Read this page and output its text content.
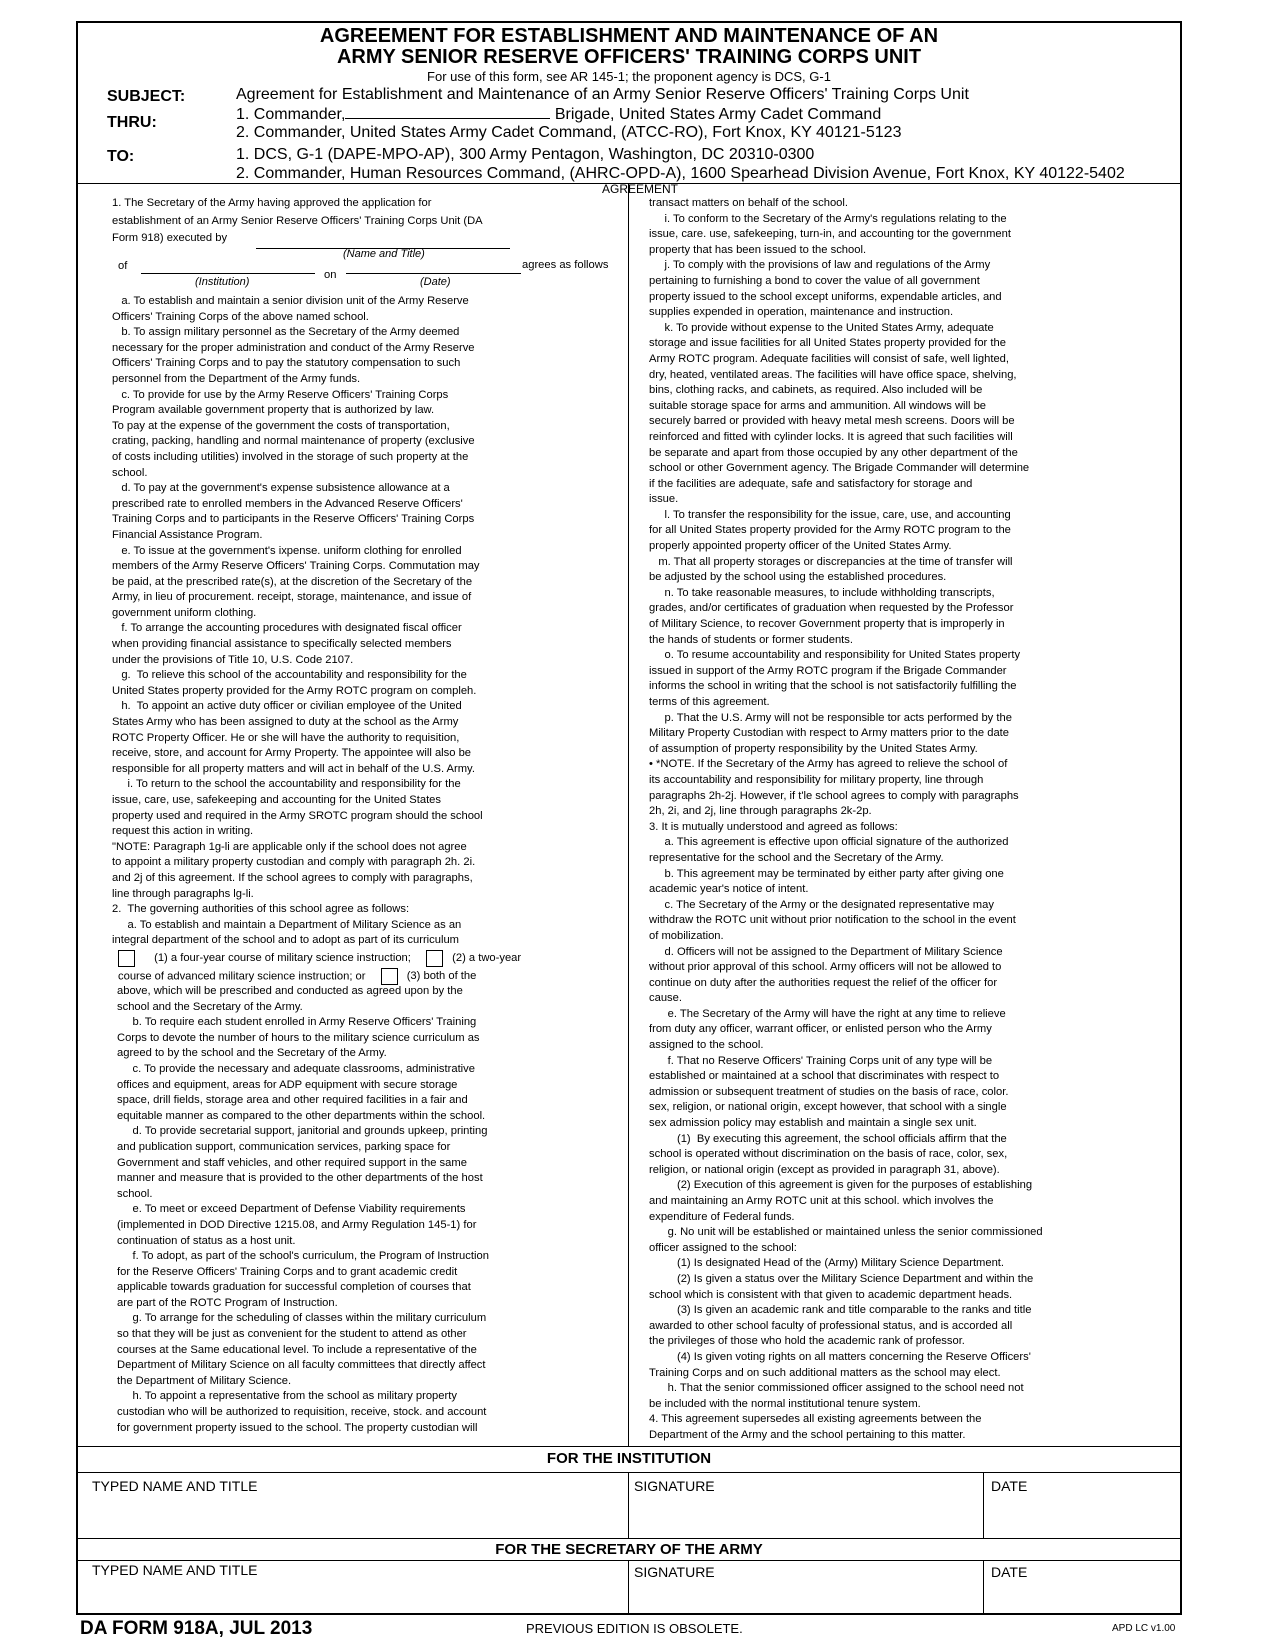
AGREEMENT FOR ESTABLISHMENT AND MAINTENANCE OF AN
ARMY SENIOR RESERVE OFFICERS' TRAINING CORPS UNIT
For use of this form, see AR 145-1; the proponent agency is DCS, G-1
SUBJECT:	Agreement for Establishment and Maintenance of an Army Senior Reserve Officers' Training Corps Unit
THRU:	1. Commander,	Brigade, United States Army Cadet Command
2. Commander, United States Army Cadet Command, (ATCC-RO), Fort Knox, KY 40121-5123
TO:	1. DCS, G-1 (DAPE-MPO-AP), 300 Army Pentagon, Washington, DC 20310-0300
2. Commander, Human Resources Command, (AHRC-OPD-A), 1600 Spearhead Division Avenue, Fort Knox, KY 40122-5402
AGREEMENT

1. The Secretary of the Army having approved the application for

establishment of an Army Senior Reserve Officers' Training Corps Unit (DA

Form 918) executed by

(Name and Title)
of
on
agrees as follows
(Institution)	(Date)

a. To establish and maintain a senior division unit of the Army Reserve

Officers' Training Corps of the above named school.

b. To assign military personnel as the Secretary of the Army deemed

necessary for the proper administration and conduct of the Army Reserve

Officers' Training Corps and to pay the statutory compensation to such

personnel from the Department of the Army funds.

c. To provide for use by the Army Reserve Officers' Training Corps

Program available government property that is authorized by law.

To pay at the expense of the government the costs of transportation,

crating, packing, handling and normal maintenance of property (exclusive

of costs including utilities) involved in the storage of such property at the

school.

d. To pay at the government's expense subsistence allowance at a

prescribed rate to enrolled members in the Advanced Reserve Officers'

Training Corps and to participants in the Reserve Officers' Training Corps

Financial Assistance Program.

e. To issue at the government's ixpense. uniform clothing for enrolled

members of the Army Reserve Officers' Training Corps. Commutation may

be paid, at the prescribed rate(s), at the discretion of the Secretary of the

Army, in lieu of procurement. receipt, storage, maintenance, and issue of

government uniform clothing.

f. To arrange the accounting procedures with designated fiscal officer

when providing financial assistance to specifically selected members

under the provisions of Title 10, U.S. Code 2107.

g.  To relieve this school of the accountability and responsibility for the

United States property provided for the Army ROTC program on compleh.

h.  To appoint an active duty officer or civilian employee of the United

States Army who has been assigned to duty at the school as the Army

ROTC Property Officer. He or she will have the authority to requisition,

receive, store, and account for Army Property. The appointee will also be

responsible for all property matters and will act in behalf of the U.S. Army.

i. To return to the school the accountability and responsibility for the

issue, care, use, safekeeping and accounting for the United States

property used and required in the Army SROTC program should the school

request this action in writing.

"NOTE: Paragraph 1g-li are applicable only if the school does not agree

to appoint a military property custodian and comply with paragraph 2h. 2i.

and 2j of this agreement. If the school agrees to comply with paragraphs,

line through paragraphs lg-li.

2.  The governing authorities of this school agree as follows:

a. To establish and maintain a Department of Military Science as an

integral department of the school and to adopt as part of its curriculum

(1) a four-year course of military science instruction;	(2) a two-year
course of advanced military science instruction; or	(3) both of the

above, which will be prescribed and conducted as agreed upon by the

school and the Secretary of the Army.

b. To require each student enrolled in Army Reserve Officers' Training

Corps to devote the number of hours to the military science curriculum as

agreed to by the school and the Secretary of the Army.

c. To provide the necessary and adequate classrooms, administrative

offices and equipment, areas for ADP equipment with secure storage

space, drill fields, storage area and other required facilities in a fair and

equitable manner as compared to the other departments within the school.

d. To provide secretarial support, janitorial and grounds upkeep, printing

and publication support, communication services, parking space for

Government and staff vehicles, and other required support in the same

manner and measure that is provided to the other departments of the host

school.

e. To meet or exceed Department of Defense Viability requirements

(implemented in DOD Directive 1215.08, and Army Regulation 145-1) for

continuation of status as a host unit.

f. To adopt, as part of the school's curriculum, the Program of Instruction

for the Reserve Officers' Training Corps and to grant academic credit

applicable towards graduation for successful completion of courses that

are part of the ROTC Program of Instruction.

g. To arrange for the scheduling of classes within the military curriculum

so that they will be just as convenient for the student to attend as other

courses at the Same educational level. To include a representative of the

Department of Military Science on all faculty committees that directly affect

the Department of Military Science.

h. To appoint a representative from the school as military property

custodian who will be authorized to requisition, receive, stock. and account

for government property issued to the school. The property custodian will

transact matters on behalf of the school.

i. To conform to the Secretary of the Army's regulations relating to the

issue, care. use, safekeeping, turn-in, and accounting tor the government

property that has been issued to the school.

j. To comply with the provisions of law and regulations of the Army

pertaining to furnishing a bond to cover the value of all government

property issued to the school except uniforms, expendable articles, and

supplies expended in operation, maintenance and instruction.

k. To provide without expense to the United States Army, adequate

storage and issue facilities for all United States property provided for the

Army ROTC program. Adequate facilities will consist of safe, well lighted,

dry, heated, ventilated areas. The facilities will have office space, shelving,

bins, clothing racks, and cabinets, as required. Also included will be

suitable storage space for arms and ammunition. All windows will be

securely barred or provided with heavy metal mesh screens. Doors will be

reinforced and fitted with cylinder locks. It is agreed that such facilities will

be separate and apart from those occupied by any other department of the

school or other Government agency. The Brigade Commander will determine

if the facilities are adequate, safe and satisfactory for storage and

issue.

l. To transfer the responsibility for the issue, care, use, and accounting

for all United States property provided for the Army ROTC program to the

properly appointed property officer of the United States Army.

m. That all property storages or discrepancies at the time of transfer will

be adjusted by the school using the established procedures.

n. To take reasonable measures, to include withholding transcripts,

grades, and/or certificates of graduation when requested by the Professor

of Military Science, to recover Government property that is improperly in

the hands of students or former students.

o. To resume accountability and responsibility for United States property

issued in support of the Army ROTC program if the Brigade Commander

informs the school in writing that the school is not satisfactorily fulfilling the

terms of this agreement.

p. That the U.S. Army will not be responsible tor acts performed by the

Military Property Custodian with respect to Army matters prior to the date

of assumption of property responsibility by the United States Army.

• *NOTE. If the Secretary of the Army has agreed to relieve the school of

its accountability and responsibility for military property, line through

paragraphs 2h-2j. However, if t'le school agrees to comply with paragraphs

2h, 2i, and 2j, line through paragraphs 2k-2p.

3. It is mutually understood and agreed as follows:

a. This agreement is effective upon official signature of the authorized

representative for the school and the Secretary of the Army.

b. This agreement may be terminated by either party after giving one

academic year's notice of intent.

c. The Secretary of the Army or the designated representative may

withdraw the ROTC unit without prior notification to the school in the event

of mobilization.

d. Officers will not be assigned to the Department of Military Science

without prior approval of this school. Army officers will not be allowed to

continue on duty after the authorities request the relief of the officer for

cause.

e. The Secretary of the Army will have the right at any time to relieve

from duty any officer, warrant officer, or enlisted person who the Army

assigned to the school.

f. That no Reserve Officers' Training Corps unit of any type will be

established or maintained at a school that discriminates with respect to

admission or subsequent treatment of studies on the basis of race, color.

sex, religion, or national origin, except however, that school with a single

sex admission policy may establish and maintain a single sex unit.

(1)  By executing this agreement, the school officials affirm that the

school is operated without discrimination on the basis of race, color, sex,

religion, or national origin (except as provided in paragraph 31, above).

(2) Execution of this agreement is given for the purposes of establishing

and maintaining an Army ROTC unit at this school. which involves the

expenditure of Federal funds.

g. No unit will be established or maintained unless the senior commissioned

officer assigned to the school:

(1) Is designated Head of the (Army) Military Science Department.

(2) Is given a status over the Military Science Department and within the

school which is consistent with that given to academic department heads.

(3) Is given an academic rank and title comparable to the ranks and title

awarded to other school faculty of professional status, and is accorded all

the privileges of those who hold the academic rank of professor.

(4) Is given voting rights on all matters concerning the Reserve Officers'

Training Corps and on such additional matters as the school may elect.

h. That the senior commissioned officer assigned to the school need not

be included with the normal institutional tenure system.

4. This agreement supersedes all existing agreements between the

Department of the Army and the school pertaining to this matter.

FOR THE INSTITUTION
TYPED NAME AND TITLE	SIGNATURE	DATE
FOR THE SECRETARY OF THE ARMY
TYPED NAME AND TITLE	SIGNATURE	DATE
DA FORM 918A, JUL 2013	PREVIOUS EDITION IS OBSOLETE.	APD LC v1.00
